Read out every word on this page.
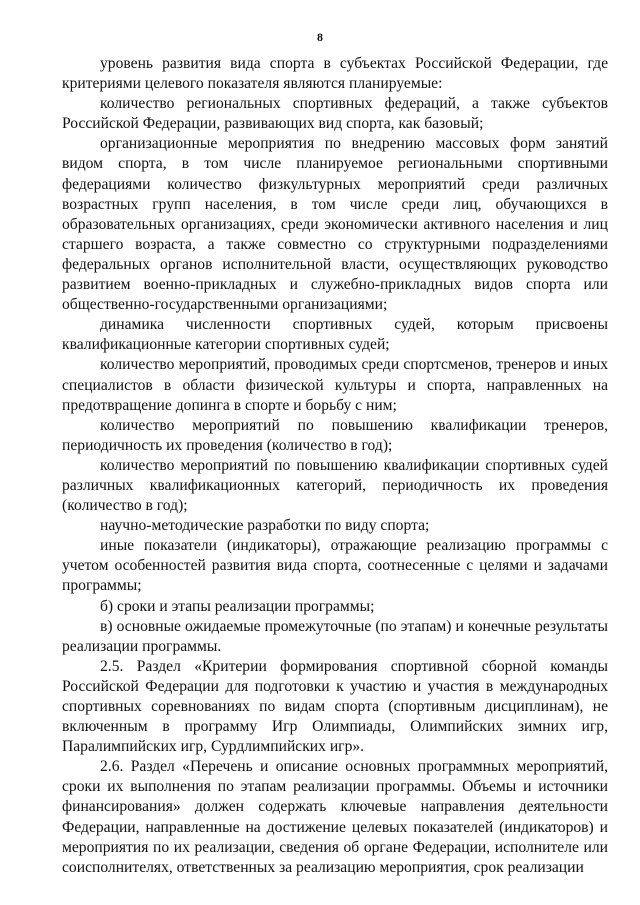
8

уровень развития вида спорта в субъектах Российской Федерации, где критериями целевого показателя являются планируемые:

количество региональных спортивных федераций, а также субъектов Российской Федерации, развивающих вид спорта, как базовый;

организационные мероприятия по внедрению массовых форм занятий видом спорта, в том числе планируемое региональными спортивными федерациями количество физкультурных мероприятий среди различных возрастных групп населения, в том числе среди лиц, обучающихся в образовательных организациях, среди экономически активного населения и лиц старшего возраста, а также совместно со структурными подразделениями федеральных органов исполнительной власти, осуществляющих руководство развитием военно-прикладных и служебно-прикладных видов спорта или общественно-государственными организациями;

динамика численности спортивных судей, которым присвоены квалификационные категории спортивных судей;

количество мероприятий, проводимых среди спортсменов, тренеров и иных специалистов в области физической культуры и спорта, направленных на предотвращение допинга в спорте и борьбу с ним;

количество мероприятий по повышению квалификации тренеров, периодичность их проведения (количество в год);

количество мероприятий по повышению квалификации спортивных судей различных квалификационных категорий, периодичность их проведения (количество в год);

научно-методические разработки по виду спорта;

иные показатели (индикаторы), отражающие реализацию программы с учетом особенностей развития вида спорта, соотнесенные с целями и задачами программы;

б) сроки и этапы реализации программы;

в) основные ожидаемые промежуточные (по этапам) и конечные результаты реализации программы.

2.5. Раздел «Критерии формирования спортивной сборной команды Российской Федерации для подготовки к участию и участия в международных спортивных соревнованиях по видам спорта (спортивным дисциплинам), не включенным в программу Игр Олимпиады, Олимпийских зимних игр, Паралимпийских игр, Сурдлимпийских игр».

2.6. Раздел «Перечень и описание основных программных мероприятий, сроки их выполнения по этапам реализации программы. Объемы и источники финансирования» должен содержать ключевые направления деятельности Федерации, направленные на достижение целевых показателей (индикаторов) и мероприятия по их реализации, сведения об органе Федерации, исполнителе или соисполнителях, ответственных за реализацию мероприятия, срок реализации
